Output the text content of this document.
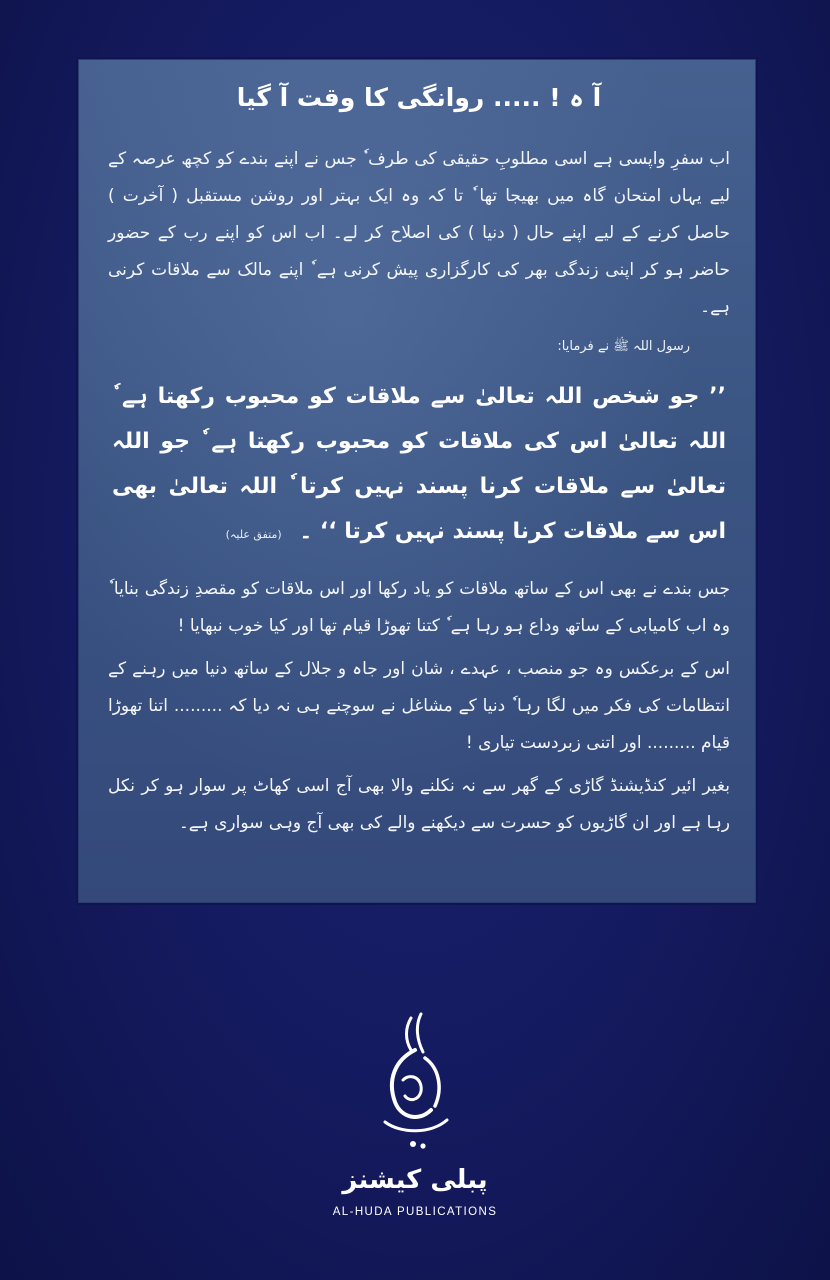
آ ہ ! ..... روانگی کا وقت آ گیا

اب سفرِ واپسی ہے اسی مطلوبِ حقیقی کی طرف ٗ جس نے اپنے بندے کو کچھ عرصہ کے لیے یہاں امتحان گاہ میں بھیجا تھا ٗ تا کہ وہ ایک بہتر اور روشن مستقبل ( آخرت ) حاصل کرنے کے لیے اپنے حال ( دنیا ) کی اصلاح کر لے۔ اب اس کو اپنے رب کے حضور حاضر ہو کر اپنی زندگی بھر کی کارگزاری پیش کرنی ہے ٗ اپنے مالک سے ملاقات کرنی ہے۔

رسول اللہ ﷺ نے فرمایا:

’’ جو شخص اللہ تعالیٰ سے ملاقات کو محبوب رکھتا ہے ٗ اللہ تعالیٰ اس کی ملاقات کو محبوب رکھتا ہے ٗ جو اللہ تعالیٰ سے ملاقات کرنا پسند نہیں کرتا ٗ اللہ تعالیٰ بھی اس سے ملاقات کرنا پسند نہیں کرتا ‘‘ ۔ (متفق علیہ)

جس بندے نے بھی اس کے ساتھ ملاقات کو یاد رکھا اور اس ملاقات کو مقصدِ زندگی بنایا ٗ وہ اب کامیابی کے ساتھ وداع ہو رہا ہے ٗ کتنا تھوڑا قیام تھا اور کیا خوب نبھایا !

اس کے برعکس وہ جو منصب ، عہدے ، شان اور جاہ و جلال کے ساتھ دنیا میں رہنے کے انتظامات کی فکر میں لگا رہا ٗ دنیا کے مشاغل نے سوچنے ہی نہ دیا کہ ......... اتنا تھوڑا قیام ......... اور اتنی زبردست تیاری !

بغیر ائیر کنڈیشنڈ گاڑی کے گھر سے نہ نکلنے والا بھی آج اسی کھاٹ پر سوار ہو کر نکل رہا ہے اور ان گاڑیوں کو حسرت سے دیکھنے والے کی بھی آج وہی سواری ہے۔

پبلی کیشنز
AL-HUDA PUBLICATIONS
